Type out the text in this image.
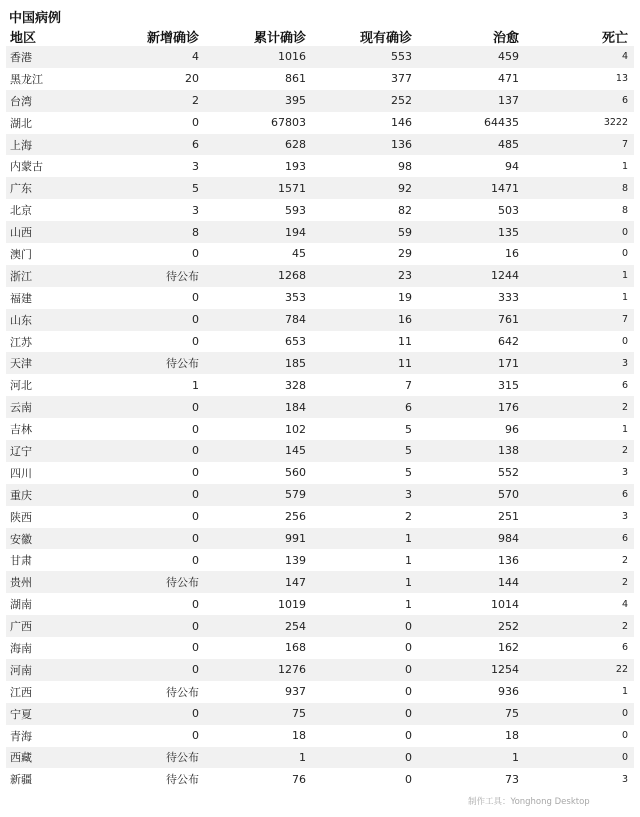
中国病例
地区	新增确诊	累计确诊	现有确诊	治愈	死亡
香港	4	1016	553	459	4
黑龙江	20	861	377	471	13
台湾	2	395	252	137	6
湖北	0	67803	146	64435	3222
上海	6	628	136	485	7
内蒙古	3	193	98	94	1
广东	5	1571	92	1471	8
北京	3	593	82	503	8
山西	8	194	59	135	0
澳门	0	45	29	16	0
浙江	待公布	1268	23	1244	1
福建	0	353	19	333	1
山东	0	784	16	761	7
江苏	0	653	11	642	0
天津	待公布	185	11	171	3
河北	1	328	7	315	6
云南	0	184	6	176	2
吉林	0	102	5	96	1
辽宁	0	145	5	138	2
四川	0	560	5	552	3
重庆	0	579	3	570	6
陕西	0	256	2	251	3
安徽	0	991	1	984	6
甘肃	0	139	1	136	2
贵州	待公布	147	1	144	2
湖南	0	1019	1	1014	4
广西	0	254	0	252	2
海南	0	168	0	162	6
河南	0	1276	0	1254	22
江西	待公布	937	0	936	1
宁夏	0	75	0	75	0
青海	0	18	0	18	0
西藏	待公布	1	0	1	0
新疆	待公布	76	0	73	3
制作工具：Yonghong Desktop
